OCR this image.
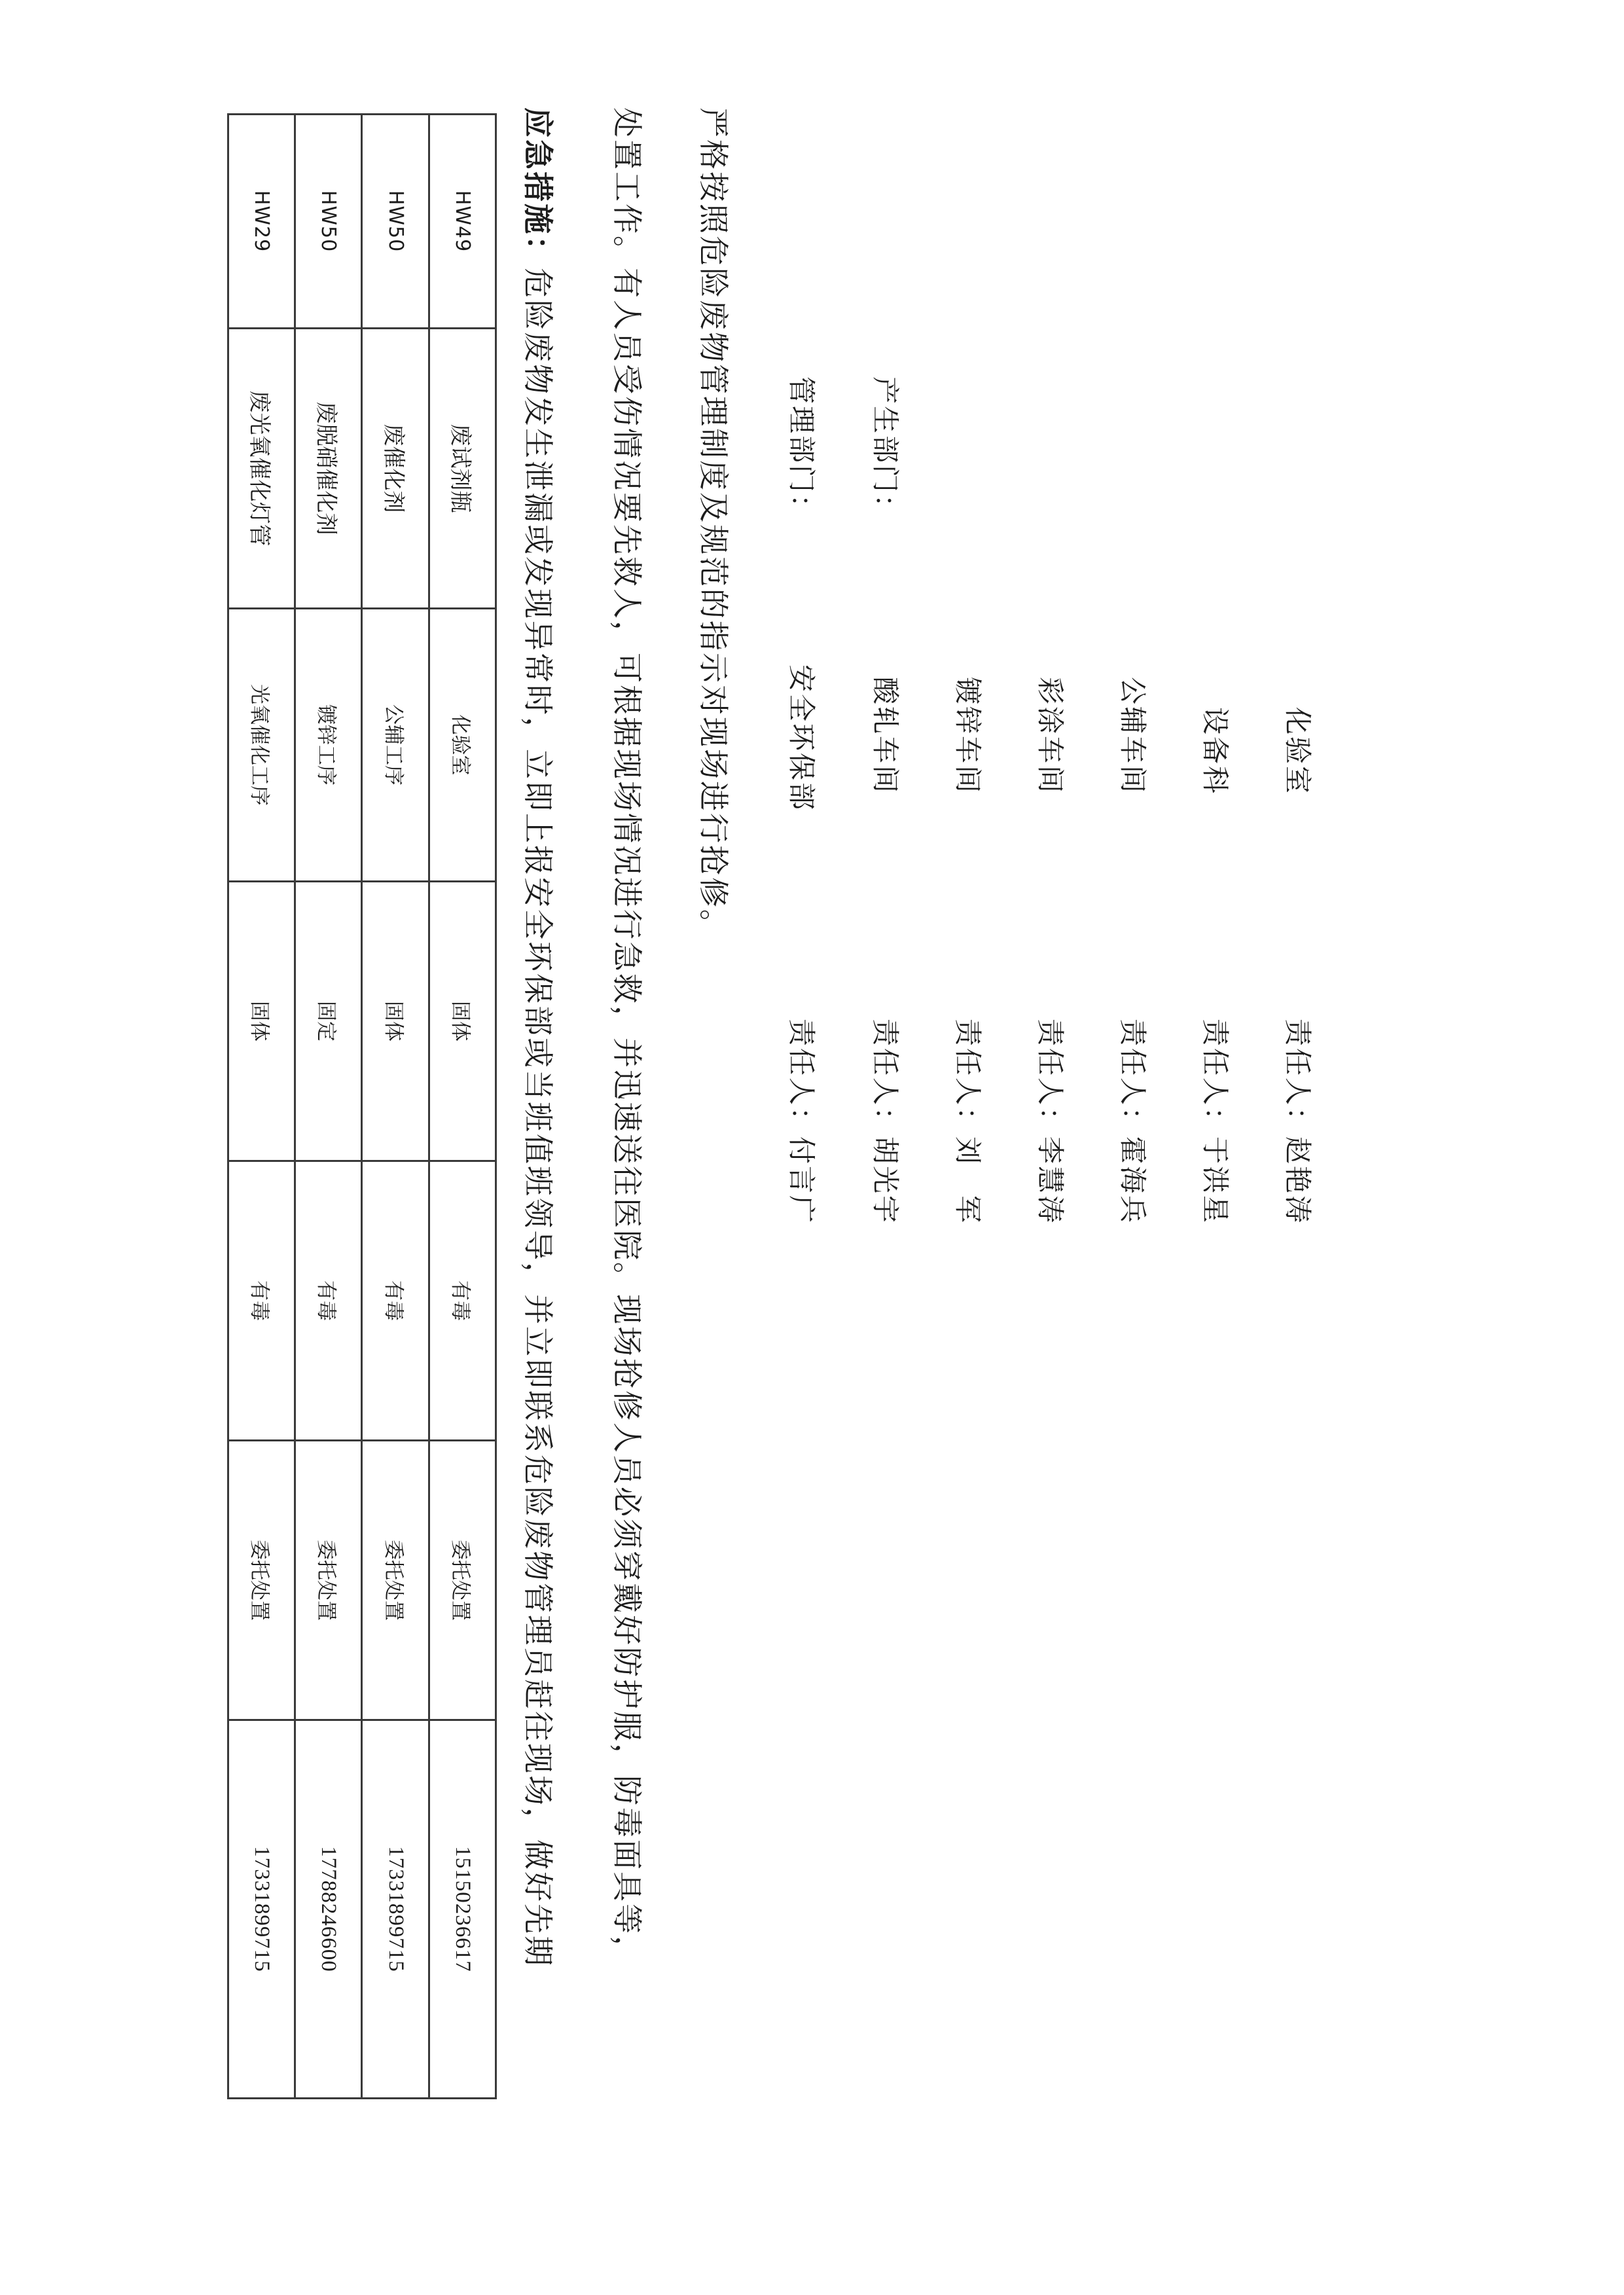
HW49	废试剂瓶	化验室	固体	有毒	委托处置	15150236617
HW50	废催化剂	公辅工序	固体	有毒	委托处置	17331899715
HW50	废脱硝催化剂	镀锌工序	固定	有毒	委托处置	17788246600
HW29	废光氧催化灯管	光氧催化工序	固体	有毒	委托处置	17331899715
应急措施：危险废物发生泄漏或发现异常时，立即上报安全环保部或当班值班领导，并立即联系危险废物管理员赶往现场，做好先期 处置工作。有人员受伤情况要先救人，可根据现场情况进行急救，并迅速送往医院。现场抢修人员必须穿戴好防护服，防毒面具等， 严格按照危险废物管理制度及规范的指示对现场进行抢修。 管理部门：
安全环保部
责任人：付言广
产生部门：
酸轧车间
责任人：胡光宇
镀锌车间
责任人：刘　军
彩涂车间
责任人：李慧涛
公辅车间
责任人：霍海兵
设备科
责任人：于洪星
化验室
责任人：赵艳涛
